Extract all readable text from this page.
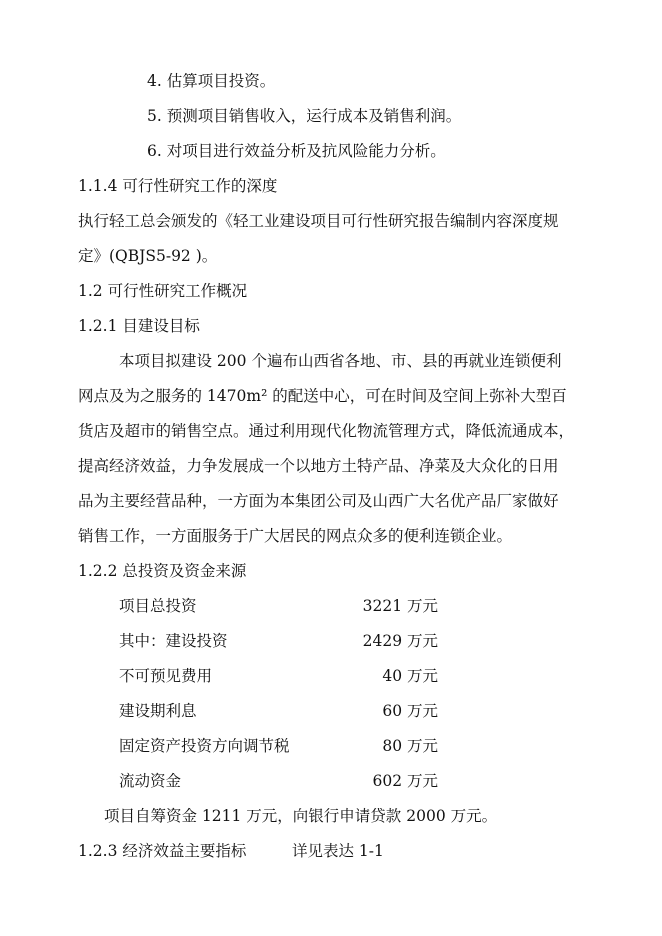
4. 估算项目投资。
5. 预测项目销售收入，运行成本及销售利润。
6. 对项目进行效益分析及抗风险能力分析。
1.1.4 可行性研究工作的深度
执行轻工总会颁发的《轻工业建设项目可行性研究报告编制内容深度规
定》(QBJS5-92 )。
1.2 可行性研究工作概况
1.2.1 目建设目标
本项目拟建设 200 个遍布山西省各地、市、县的再就业连锁便利
网点及为之服务的 1470m² 的配送中心，可在时间及空间上弥补大型百
货店及超市的销售空点。通过利用现代化物流管理方式，降低流通成本，
提高经济效益，力争发展成一个以地方土特产品、净菜及大众化的日用
品为主要经营品种，一方面为本集团公司及山西广大名优产品厂家做好
销售工作，一方面服务于广大居民的网点众多的便利连锁企业。
1.2.2 总投资及资金来源
项目总投资	3221 万元
其中：建设投资	2429 万元
不可预见费用	40 万元
建设期利息	60 万元
固定资产投资方向调节税	80 万元
流动资金	602 万元
项目自筹资金 1211 万元，向银行申请贷款 2000 万元。
1.2.3 经济效益主要指标	详见表达 1-1
